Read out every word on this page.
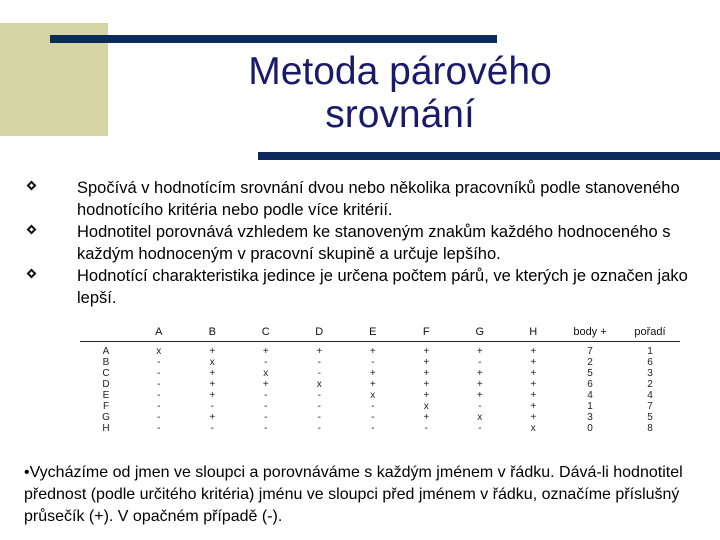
Metoda párového
srovnání
Spočívá v hodnotícím srovnání dvou nebo několika pracovníků podle stanoveného hodnotícího kritéria nebo podle více kritérií.
Hodnotitel porovnává vzhledem ke stanoveným znakům každého hodnoceného s každým hodnoceným v pracovní skupině a určuje lepšího.
Hodnotící charakteristika jedince je určena počtem párů, ve kterých je označen jako lepší.
	A	B	C	D	E	F	G	H	body +	pořadí
A	x	+	+	+	+	+	+	+	7	1
B	-	x	-	-	-	+	-	+	2	6
C	-	+	x	-	+	+	+	+	5	3
D	-	+	+	x	+	+	+	+	6	2
E	-	+	-	-	x	+	+	+	4	4
F	-	-	-	-	-	x	-	+	1	7
G	-	+	-	-	-	+	x	+	3	5
H	-	-	-	-	-	-	-	x	0	8
•Vycházíme od jmen ve sloupci a porovnáváme s každým jménem v řádku. Dává-li hodnotitel přednost (podle určitého kritéria) jménu ve sloupci před jménem v řádku, označíme příslušný průsečík (+). V opačném případě (-).
